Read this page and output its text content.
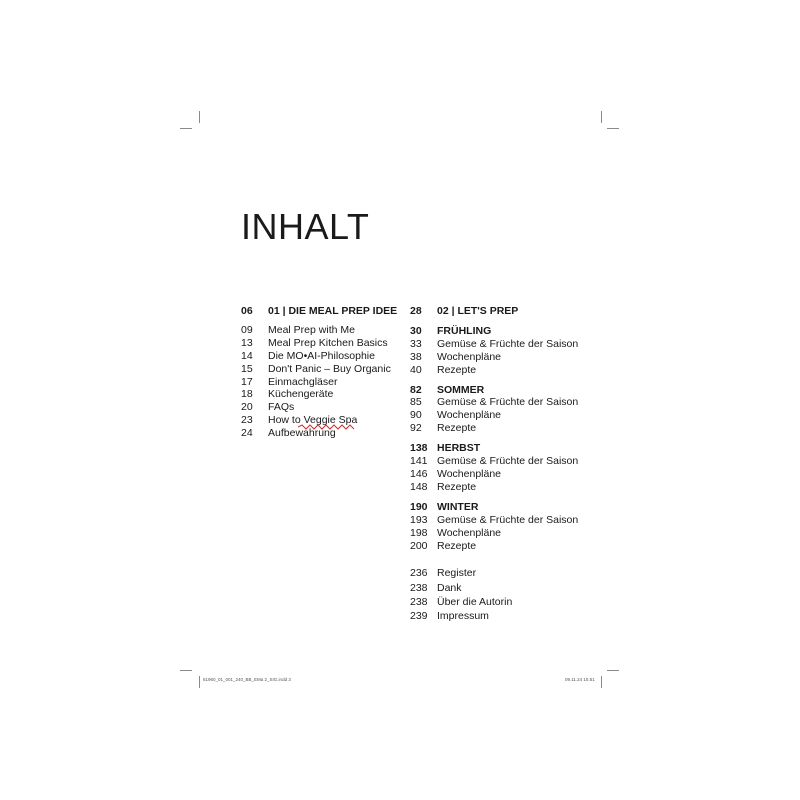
INHALT
06	01 | DIE MEAL PREP IDEE
09	Meal Prep with Me
13	Meal Prep Kitchen Basics
14	Die MO•AI-Philosophie
15	Don't Panic – Buy Organic
17	Einmachgläser
18	Küchengeräte
20	FAQs
23	How to Veggie Spa
24	Aufbewahrung
28	02 | LET'S PREP
30	FRÜHLING
33	Gemüse & Früchte der Saison
38	Wochenpläne
40	Rezepte
82	SOMMER
85	Gemüse & Früchte der Saison
90	Wochenpläne
92	Rezepte
138 HERBST
141 Gemüse & Früchte der Saison
146 Wochenpläne
148 Rezepte
190 WINTER
193 Gemüse & Früchte der Saison
198 Wochenpläne
200 Rezepte
236 Register
238 Dank
238 Über die Autorin
239 Impressum
61960_01_001_240_BB_EMa 2_SIG.indd 3	09.11.24 15:51
